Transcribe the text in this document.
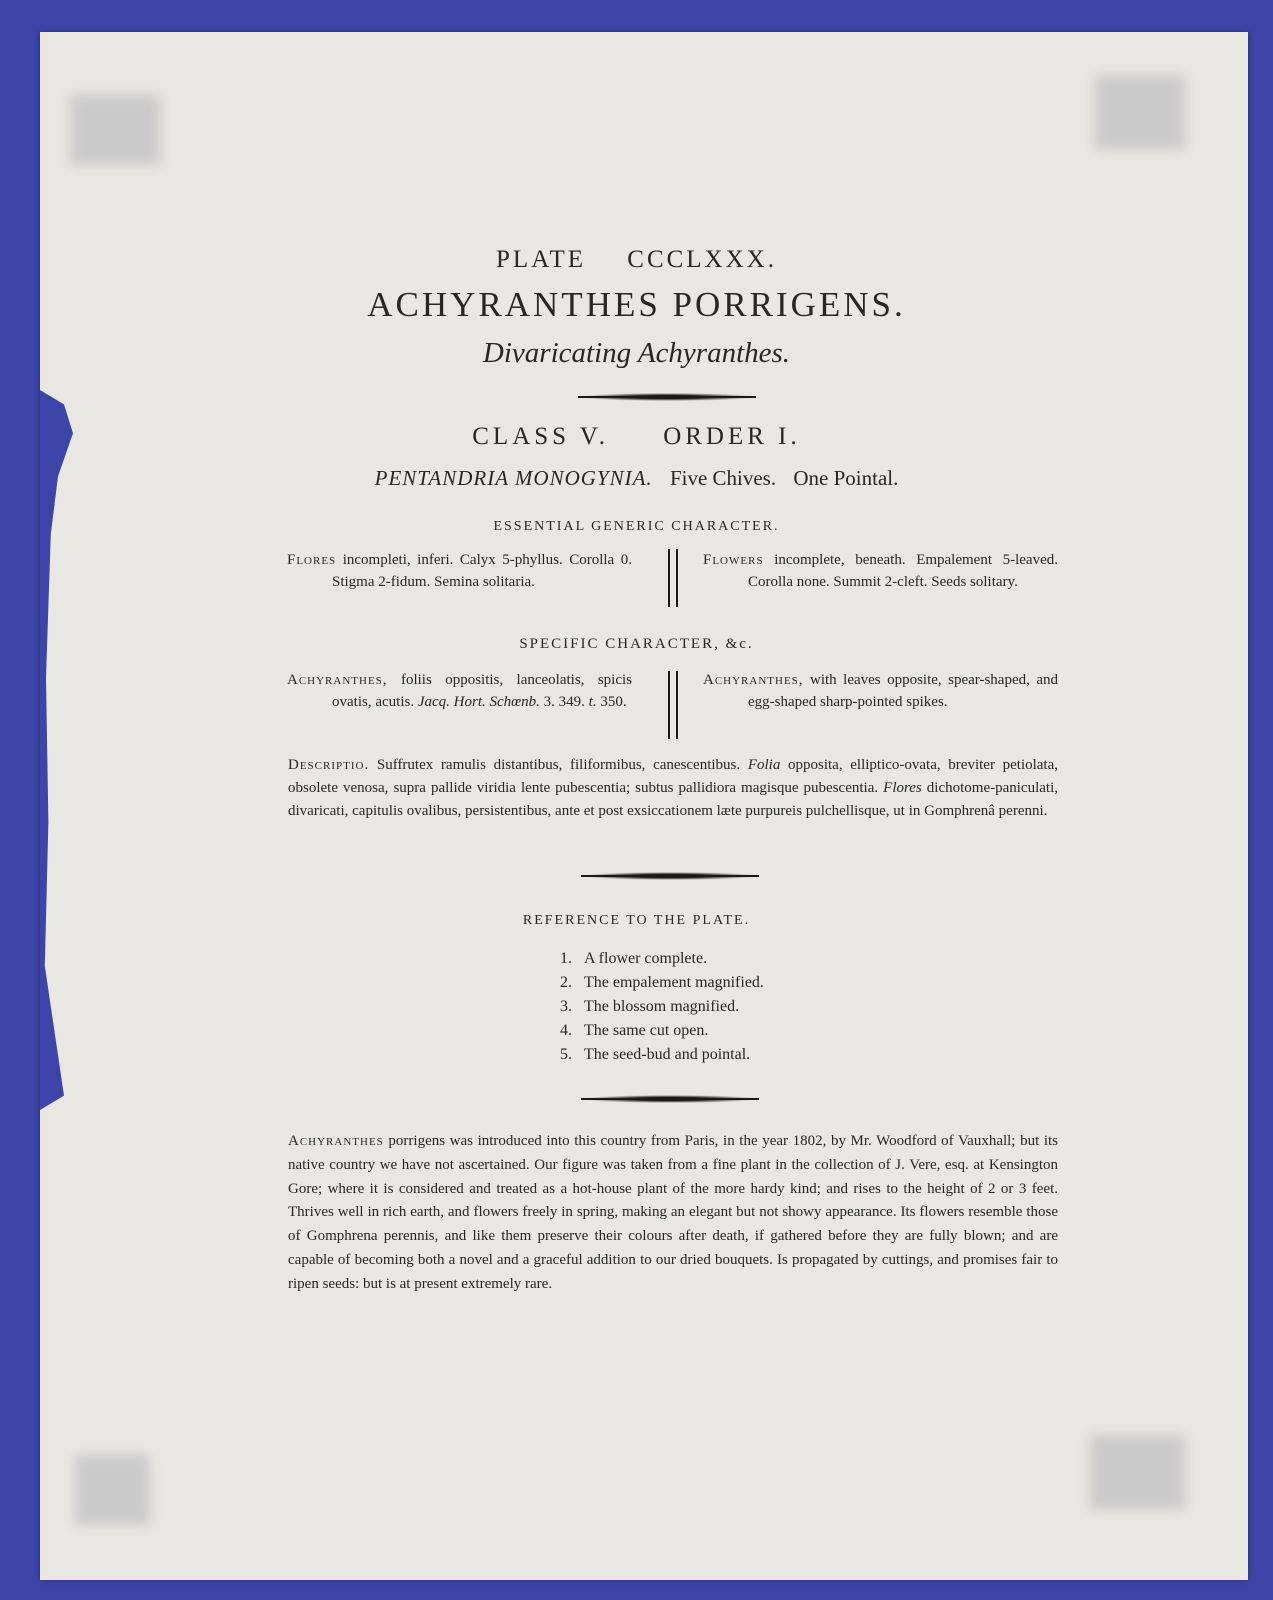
PLATE CCCLXXX.
ACHYRANTHES PORRIGENS.
Divaricating Achyranthes.
CLASS V. ORDER I.
PENTANDRIA MONOGYNIA. Five Chives. One Pointal.
ESSENTIAL GENERIC CHARACTER.

Flores incompleti, inferi. Calyx 5-phyllus. Corolla 0. Stigma 2-fidum. Semina solitaria.

Flowers incomplete, beneath. Empalement 5-leaved. Corolla none. Summit 2-cleft. Seeds solitary.

SPECIFIC CHARACTER, &c.

Achyranthes, foliis oppositis, lanceolatis, spicis ovatis, acutis. Jacq. Hort. Schœnb. 3. 349. t. 350.

Achyranthes, with leaves opposite, spear-shaped, and egg-shaped sharp-pointed spikes.

Descriptio. Suffrutex ramulis distantibus, filiformibus, canescentibus. Folia opposita, elliptico-ovata, breviter petiolata, obsolete venosa, supra pallide viridia lente pubescentia; subtus pallidiora magisque pubescentia. Flores dichotome-paniculati, divaricati, capitulis ovalibus, persistentibus, ante et post exsiccationem læte purpureis pulchellisque, ut in Gomphrenâ perenni.

REFERENCE TO THE PLATE.
1. A flower complete.
2. The empalement magnified.
3. The blossom magnified.
4. The same cut open.
5. The seed-bud and pointal.

Achyranthes porrigens was introduced into this country from Paris, in the year 1802, by Mr. Woodford of Vauxhall; but its native country we have not ascertained. Our figure was taken from a fine plant in the collection of J. Vere, esq. at Kensington Gore; where it is considered and treated as a hot-house plant of the more hardy kind; and rises to the height of 2 or 3 feet. Thrives well in rich earth, and flowers freely in spring, making an elegant but not showy appearance. Its flowers resemble those of Gomphrena perennis, and like them preserve their colours after death, if gathered before they are fully blown; and are capable of becoming both a novel and a graceful addition to our dried bouquets. Is propagated by cuttings, and promises fair to ripen seeds: but is at present extremely rare.
